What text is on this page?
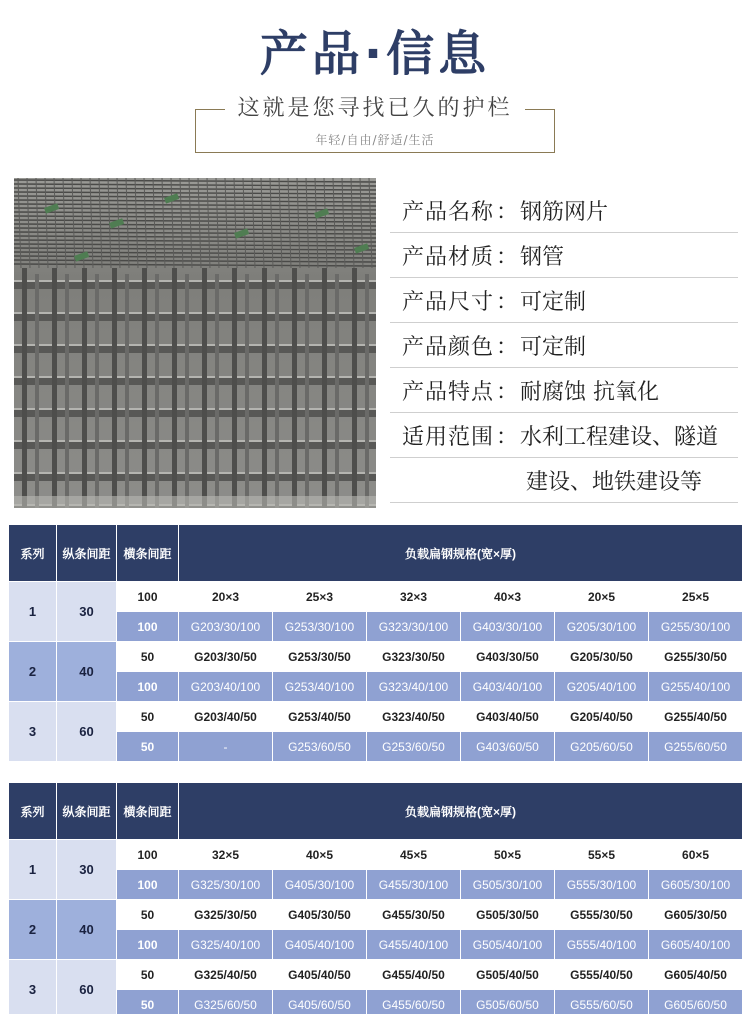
产品·信息
这就是您寻找已久的护栏
年轻/自由/舒适/生活
产品名称 ： 钢筋网片
产品材质 ： 钢管
产品尺寸 ： 可定制
产品颜色 ： 可定制
产品特点 ： 耐腐蚀 抗氧化
适用范围 ： 水利工程建设、隧道
建设、地铁建设等
系列	纵条间距	横条间距	负载扁钢规格(宽×厚)					
1	30	100	20×3	25×3	32×3	40×3	20×5	25×5
		100	G203/30/100	G253/30/100	G323/30/100	G403/30/100	G205/30/100	G255/30/100
2	40	50	G203/30/50	G253/30/50	G323/30/50	G403/30/50	G205/30/50	G255/30/50
		100	G203/40/100	G253/40/100	G323/40/100	G403/40/100	G205/40/100	G255/40/100
3	60	50	G203/40/50	G253/40/50	G323/40/50	G403/40/50	G205/40/50	G255/40/50
		50	-	G253/60/50	G253/60/50	G403/60/50	G205/60/50	G255/60/50
系列	纵条间距	横条间距	负载扁钢规格(宽×厚)					
1	30	100	32×5	40×5	45×5	50×5	55×5	60×5
		100	G325/30/100	G405/30/100	G455/30/100	G505/30/100	G555/30/100	G605/30/100
2	40	50	G325/30/50	G405/30/50	G455/30/50	G505/30/50	G555/30/50	G605/30/50
		100	G325/40/100	G405/40/100	G455/40/100	G505/40/100	G555/40/100	G605/40/100
3	60	50	G325/40/50	G405/40/50	G455/40/50	G505/40/50	G555/40/50	G605/40/50
		50	G325/60/50	G405/60/50	G455/60/50	G505/60/50	G555/60/50	G605/60/50
